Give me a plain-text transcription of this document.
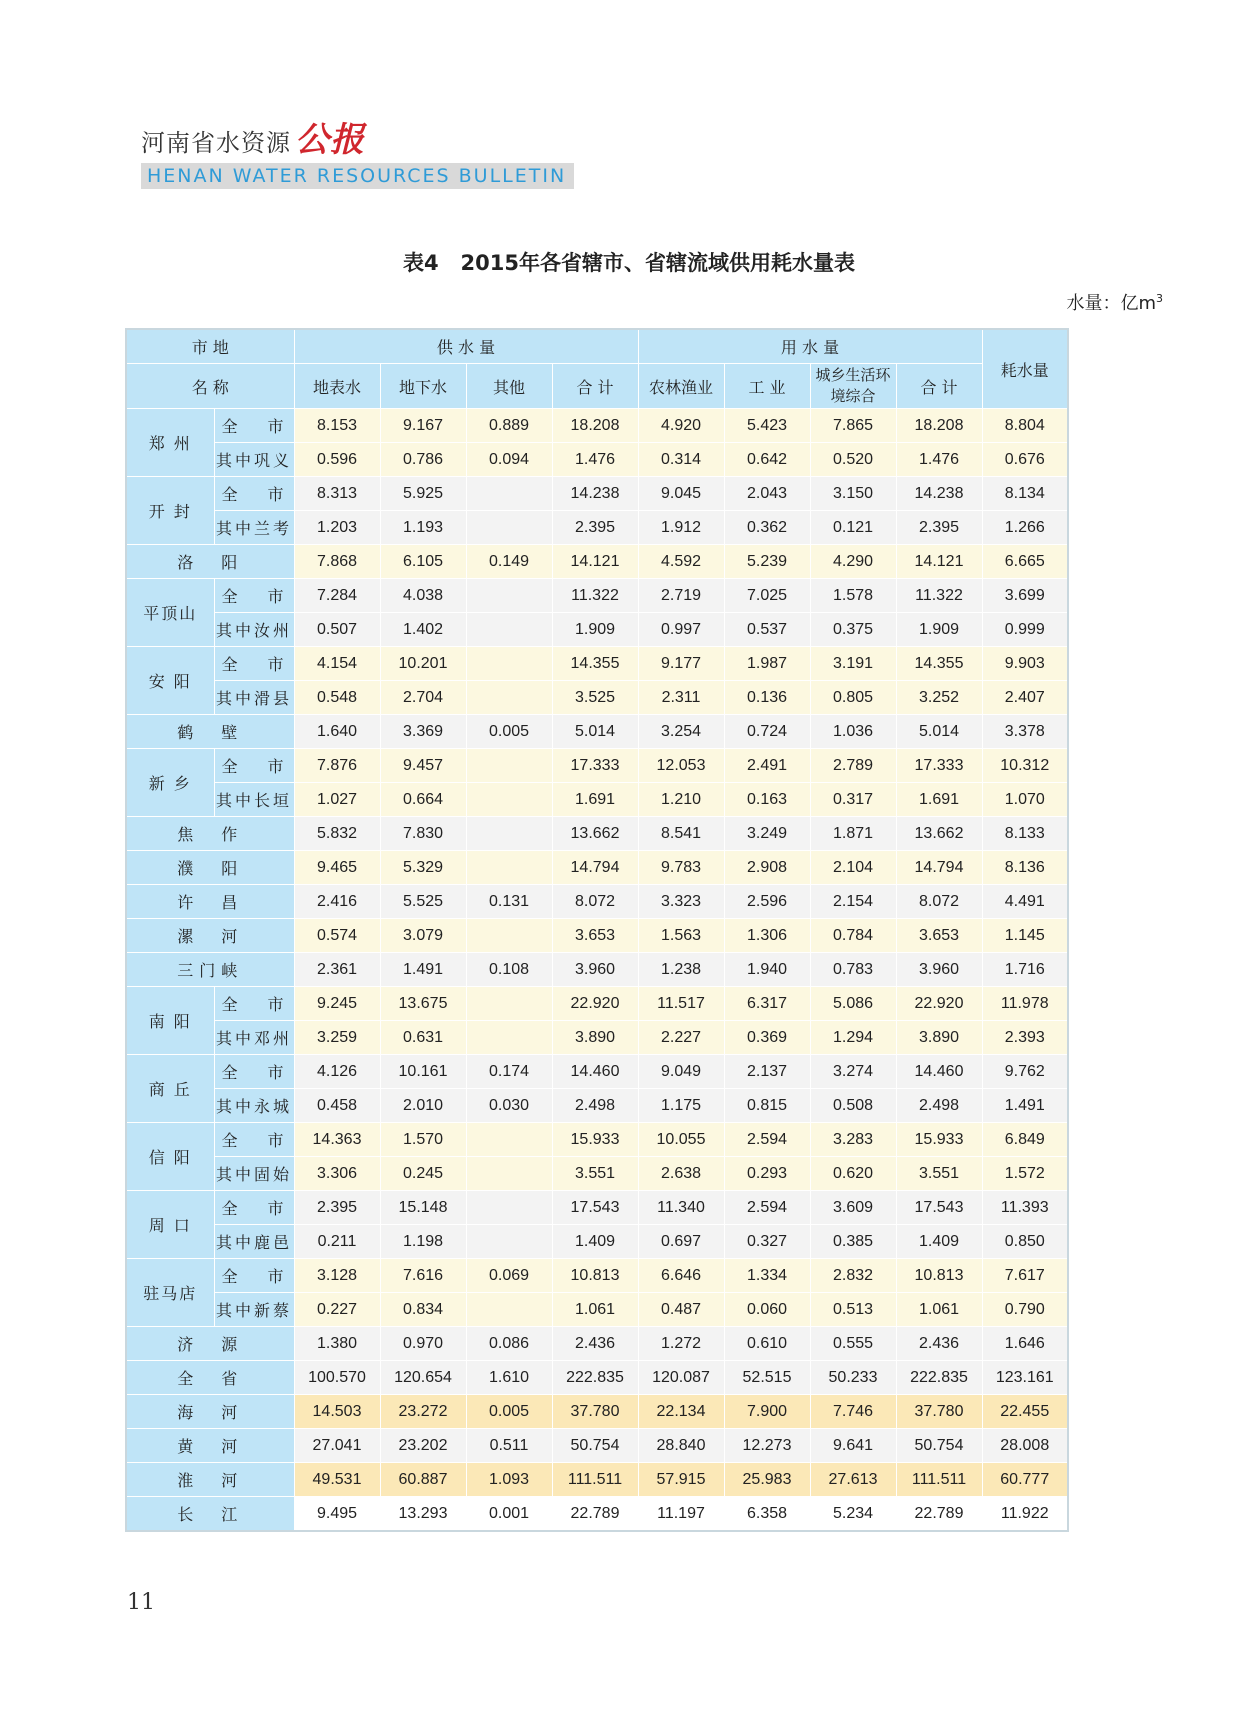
河南省水资源 公报
HENAN WATER RESOURCES BULLETIN
表4   2015年各省辖市、省辖流域供用耗水量表
水量：亿$m^3$
市 地		供 水 量				用 水 量				耗水量
名 称		地表水	地下水	其他	合 计	农林渔业	工 业	城乡生活环境综合	合 计	
郑 州	全　 市	8.153	9.167	0.889	18.208	4.920	5.423	7.865	18.208	8.804
	其中巩义	0.596	0.786	0.094	1.476	0.314	0.642	0.520	1.476	0.676
开 封	全　 市	8.313	5.925		14.238	9.045	2.043	3.150	14.238	8.134
	其中兰考	1.203	1.193		2.395	1.912	0.362	0.121	2.395	1.266
洛　阳		7.868	6.105	0.149	14.121	4.592	5.239	4.290	14.121	6.665
平顶山	全　 市	7.284	4.038		11.322	2.719	7.025	1.578	11.322	3.699
	其中汝州	0.507	1.402		1.909	0.997	0.537	0.375	1.909	0.999
安 阳	全　 市	4.154	10.201		14.355	9.177	1.987	3.191	14.355	9.903
	其中滑县	0.548	2.704		3.525	2.311	0.136	0.805	3.252	2.407
鹤　壁		1.640	3.369	0.005	5.014	3.254	0.724	1.036	5.014	3.378
新 乡	全　 市	7.876	9.457		17.333	12.053	2.491	2.789	17.333	10.312
	其中长垣	1.027	0.664		1.691	1.210	0.163	0.317	1.691	1.070
焦　作		5.832	7.830		13.662	8.541	3.249	1.871	13.662	8.133
濮　阳		9.465	5.329		14.794	9.783	2.908	2.104	14.794	8.136
许　昌		2.416	5.525	0.131	8.072	3.323	2.596	2.154	8.072	4.491
漯　河		0.574	3.079		3.653	1.563	1.306	0.784	3.653	1.145
三门峡		2.361	1.491	0.108	3.960	1.238	1.940	0.783	3.960	1.716
南 阳	全　 市	9.245	13.675		22.920	11.517	6.317	5.086	22.920	11.978
	其中邓州	3.259	0.631		3.890	2.227	0.369	1.294	3.890	2.393
商 丘	全　 市	4.126	10.161	0.174	14.460	9.049	2.137	3.274	14.460	9.762
	其中永城	0.458	2.010	0.030	2.498	1.175	0.815	0.508	2.498	1.491
信 阳	全　 市	14.363	1.570		15.933	10.055	2.594	3.283	15.933	6.849
	其中固始	3.306	0.245		3.551	2.638	0.293	0.620	3.551	1.572
周 口	全　 市	2.395	15.148		17.543	11.340	2.594	3.609	17.543	11.393
	其中鹿邑	0.211	1.198		1.409	0.697	0.327	0.385	1.409	0.850
驻马店	全　 市	3.128	7.616	0.069	10.813	6.646	1.334	2.832	10.813	7.617
	其中新蔡	0.227	0.834		1.061	0.487	0.060	0.513	1.061	0.790
济　源		1.380	0.970	0.086	2.436	1.272	0.610	0.555	2.436	1.646
全　省		100.570	120.654	1.610	222.835	120.087	52.515	50.233	222.835	123.161
海　河		14.503	23.272	0.005	37.780	22.134	7.900	7.746	37.780	22.455
黄　河		27.041	23.202	0.511	50.754	28.840	12.273	9.641	50.754	28.008
淮　河		49.531	60.887	1.093	111.511	57.915	25.983	27.613	111.511	60.777
长　江		9.495	13.293	0.001	22.789	11.197	6.358	5.234	22.789	11.922
11
